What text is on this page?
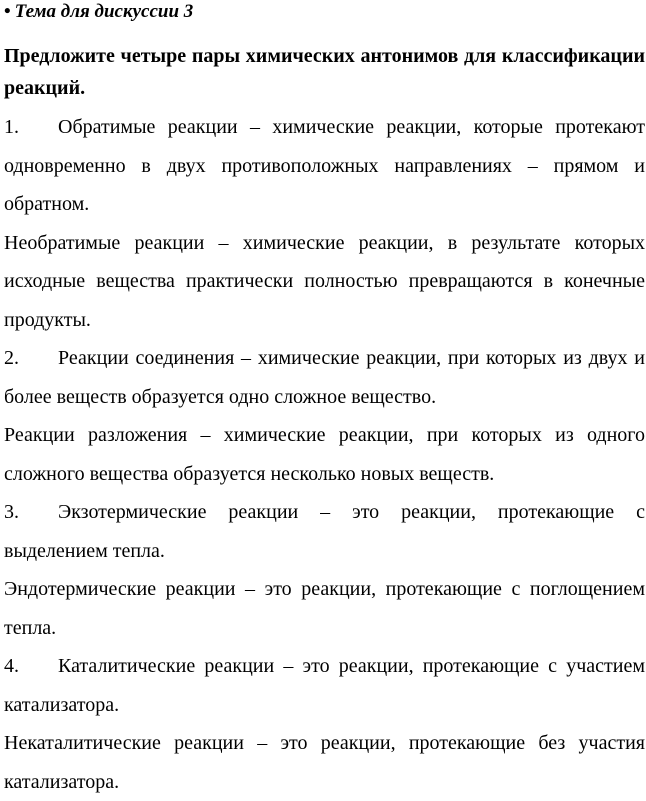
• Тема для дискуссии 3

Предложите четыре пары химических антонимов для классификации реакций.

1. Обратимые реакции – химические реакции, которые протекают одновременно в двух противоположных направлениях – прямом и обратном.

Необратимые реакции – химические реакции, в результате которых исходные вещества практически полностью превращаются в конечные продукты.

2. Реакции соединения – химические реакции, при которых из двух и более веществ образуется одно сложное вещество.

Реакции разложения – химические реакции, при которых из одного сложного вещества образуется несколько новых веществ.

3. Экзотермические реакции – это реакции, протекающие с выделением тепла.

Эндотермические реакции – это реакции, протекающие с поглощением тепла.

4. Каталитические реакции – это реакции, протекающие с участием катализатора.

Некаталитические реакции – это реакции, протекающие без участия катализатора.
